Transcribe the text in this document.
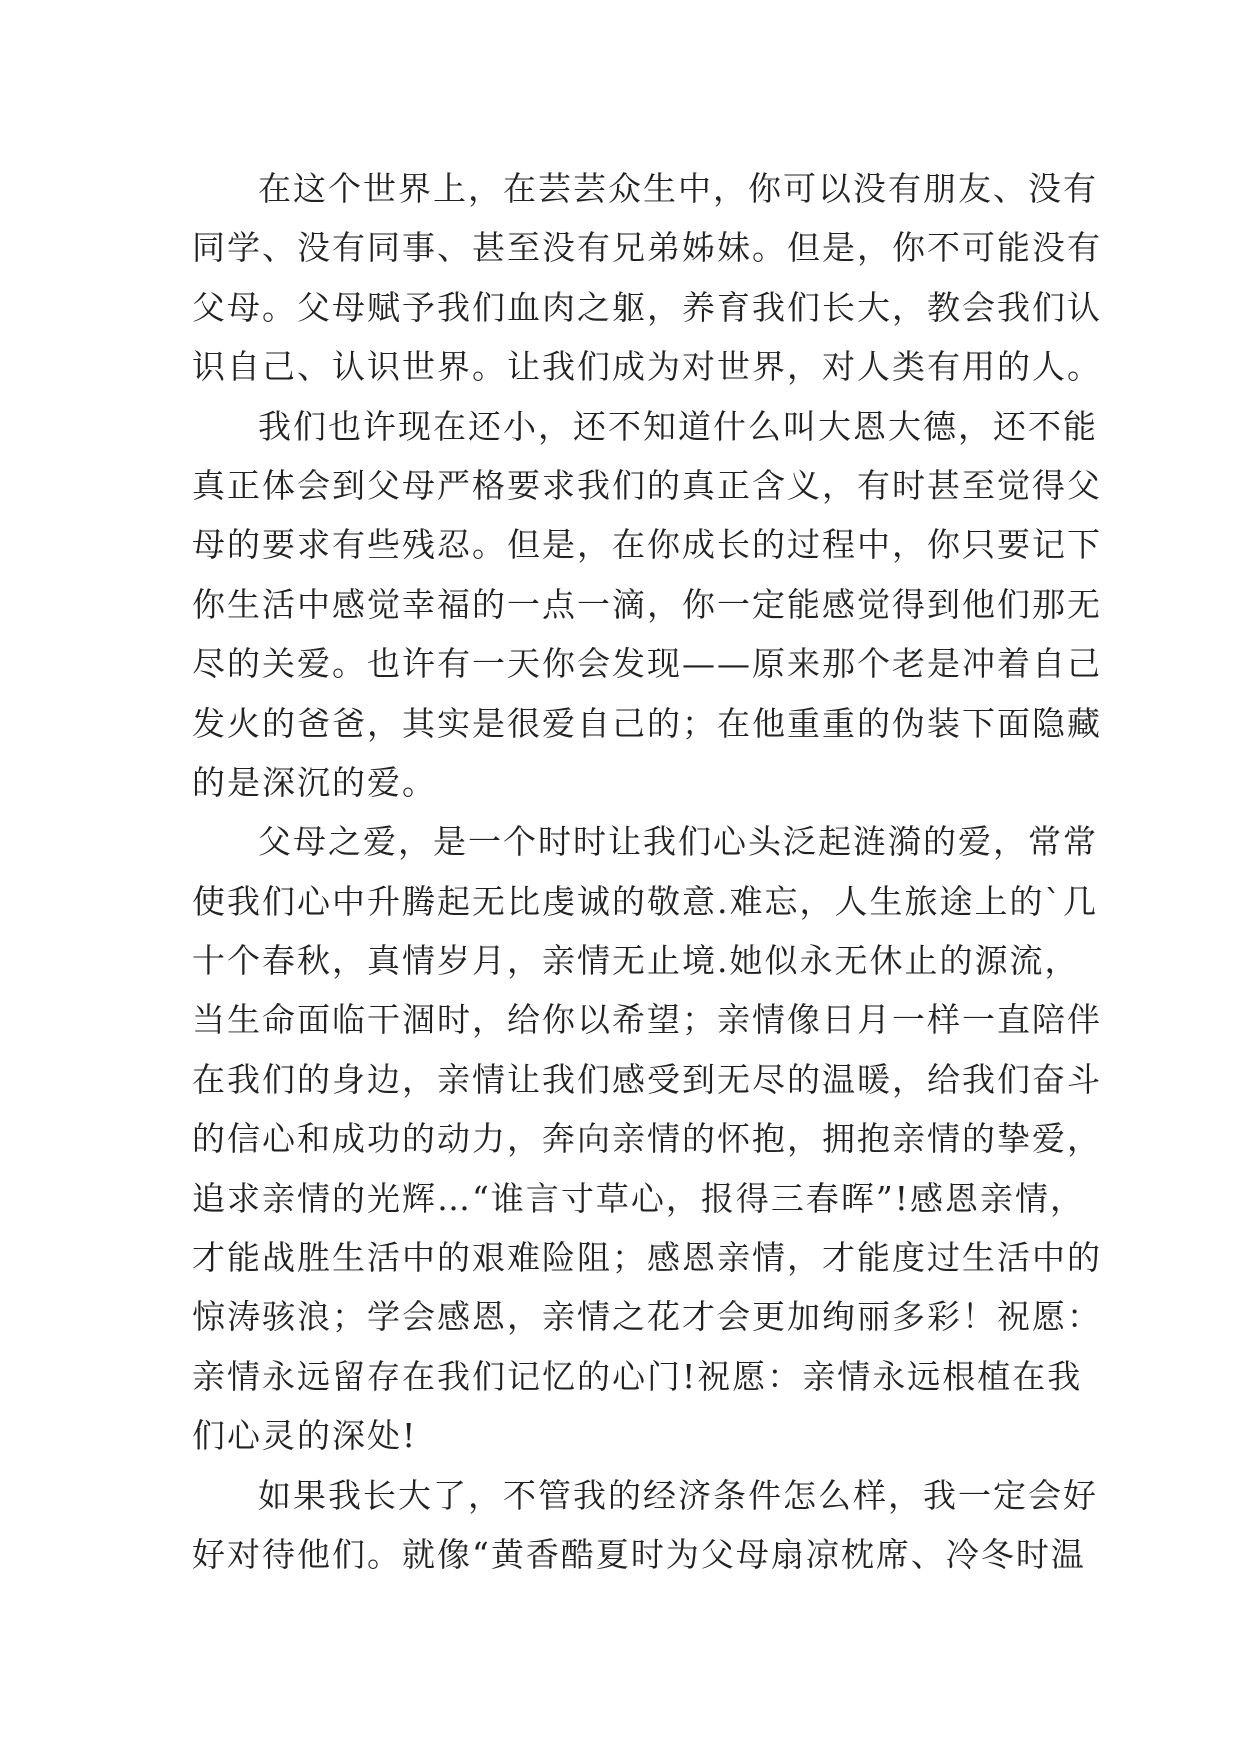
在这个世界上，在芸芸众生中，你可以没有朋友、没有
同学、没有同事、甚至没有兄弟姊妹。但是，你不可能没有
父母。父母赋予我们血肉之躯，养育我们长大，教会我们认
识自己、认识世界。让我们成为对世界，对人类有用的人。
我们也许现在还小，还不知道什么叫大恩大德，还不能
真正体会到父母严格要求我们的真正含义，有时甚至觉得父
母的要求有些残忍。但是，在你成长的过程中，你只要记下
你生活中感觉幸福的一点一滴，你一定能感觉得到他们那无
尽的关爱。也许有一天你会发现——原来那个老是冲着自己
发火的爸爸，其实是很爱自己的；在他重重的伪装下面隐藏
的是深沉的爱。
父母之爱，是一个时时让我们心头泛起涟漪的爱，常常
使我们心中升腾起无比虔诚的敬意.难忘，人生旅途上的`几
十个春秋，真情岁月，亲情无止境.她似永无休止的源流，
当生命面临干涸时，给你以希望；亲情像日月一样一直陪伴
在我们的身边，亲情让我们感受到无尽的温暖，给我们奋斗
的信心和成功的动力，奔向亲情的怀抱，拥抱亲情的挚爱，
追求亲情的光辉…“谁言寸草心，报得三春晖”!感恩亲情，
才能战胜生活中的艰难险阻；感恩亲情，才能度过生活中的
惊涛骇浪；学会感恩，亲情之花才会更加绚丽多彩！祝愿：
亲情永远留存在我们记忆的心门!祝愿：亲情永远根植在我
们心灵的深处!
如果我长大了，不管我的经济条件怎么样，我一定会好
好对待他们。就像“黄香酷夏时为父母扇凉枕席、冷冬时温
